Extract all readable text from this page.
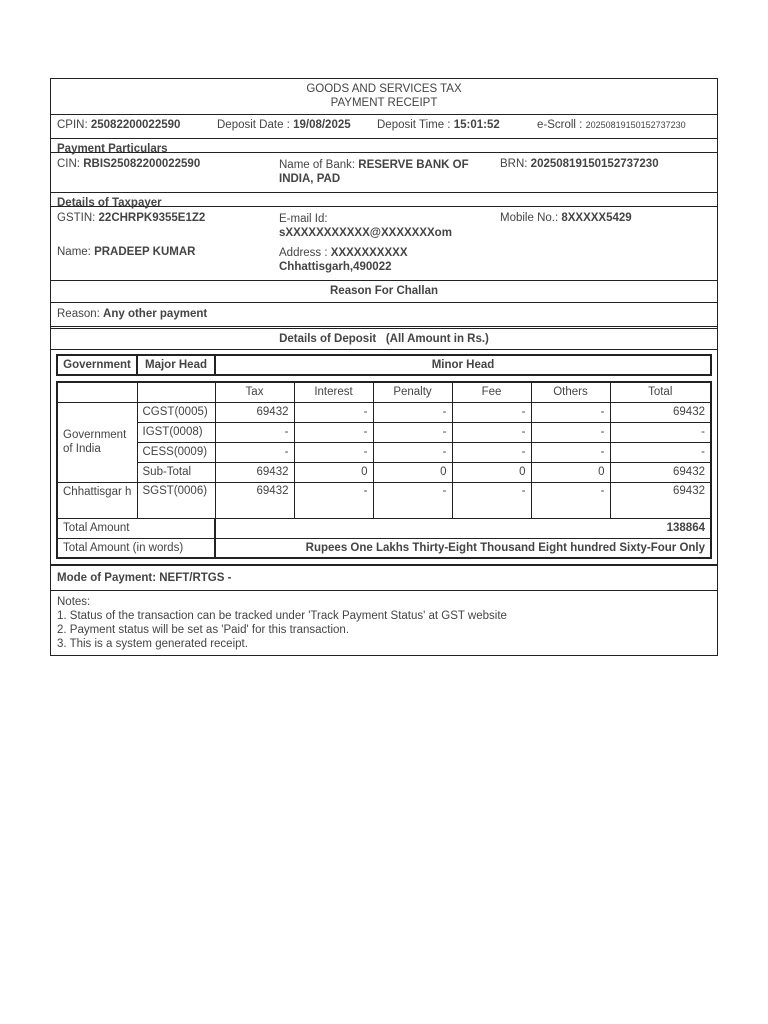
GOODS AND SERVICES TAX
PAYMENT RECEIPT
CPIN: 25082200022590	Deposit Date : 19/08/2025 Deposit Time : 15:01:52	e-Scroll : 20250819150152737230
Payment Particulars
CIN: RBIS25082200022590	Name of Bank: RESERVE BANK OF
INDIA, PAD
BRN: 20250819150152737230
Details of Taxpayer
GSTIN: 22CHRPK9355E1Z2	E-mail Id:
sXXXXXXXXXXX@XXXXXXXom
Mobile No.: 8XXXXX5429
Name: PRADEEP KUMAR	Address : XXXXXXXXXX
Chhattisgarh,490022
Reason For Challan
Reason: Any other payment
Details of Deposit (All Amount in Rs.)
Government	Major Head	Minor Head
		Tax	Interest	Penalty	Fee	Others	Total
Government of India	CGST(0005)	69432	-	-	-	-	69432
	IGST(0008)	-	-	-	-	-	-
	CESS(0009)	-	-	-	-	-	-
	Sub-Total	69432	0	0	0	0	69432
Chhattisgar h	SGST(0006)	69432	-	-	-	-	69432
Total Amount		138864					
Total Amount (in words)		Rupees One Lakhs Thirty-Eight Thousand Eight hundred Sixty-Four Only					
Mode of Payment: NEFT/RTGS -
Notes:
1. Status of the transaction can be tracked under 'Track Payment Status' at GST website
2. Payment status will be set as 'Paid' for this transaction.
3. This is a system generated receipt.
